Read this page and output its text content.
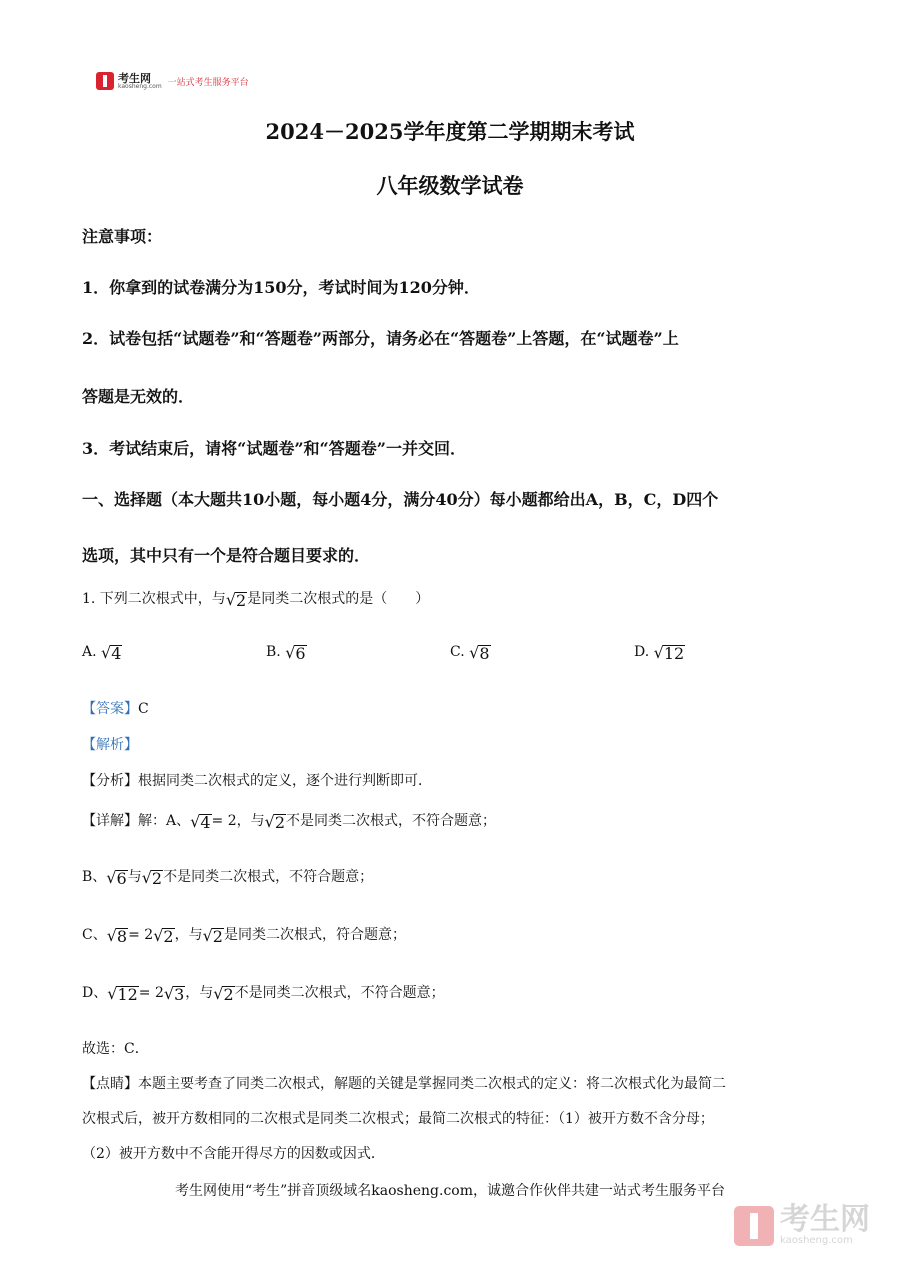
考生网
kaosheng.com 一站式考生服务平台
2024－2025学年度第二学期期末考试
八年级数学试卷
注意事项：
1．你拿到的试卷满分为150分，考试时间为120分钟．
2．试卷包括“试题卷”和“答题卷”两部分，请务必在“答题卷”上答题，在“试题卷”上
答题是无效的．
3．考试结束后，请将“试题卷”和“答题卷”一并交回．
一、选择题（本大题共10小题，每小题4分，满分40分）每小题都给出A，B，C，D四个
选项，其中只有一个是符合题目要求的．
1. 下列二次根式中，与 √ 2 是同类二次根式的是（　　）
A. √ 4	B. √ 6	C. √ 8	D. √ 12
【答案】C
【解析】
【分析】根据同类二次根式的定义，逐个进行判断即可．
【详解】解：A、 √ 4 = 2，与 √ 2 不是同类二次根式，不符合题意；
B、 √ 6 与 √ 2 不是同类二次根式，不符合题意；
C、 √ 8 = 2 √ 2 ，与 √ 2 是同类二次根式，符合题意；
D、 √ 12 = 2 √ 3 ，与 √ 2 不是同类二次根式，不符合题意；
故选：C．
【点睛】本题主要考查了同类二次根式，解题的关键是掌握同类二次根式的定义：将二次根式化为最简二
次根式后，被开方数相同的二次根式是同类二次根式；最简二次根式的特征：（1）被开方数不含分母；
（2）被开方数中不含能开得尽方的因数或因式．
考生网使用“考生”拼音顶级域名kaosheng.com，诚邀合作伙伴共建一站式考生服务平台
考生网
kaosheng.com
